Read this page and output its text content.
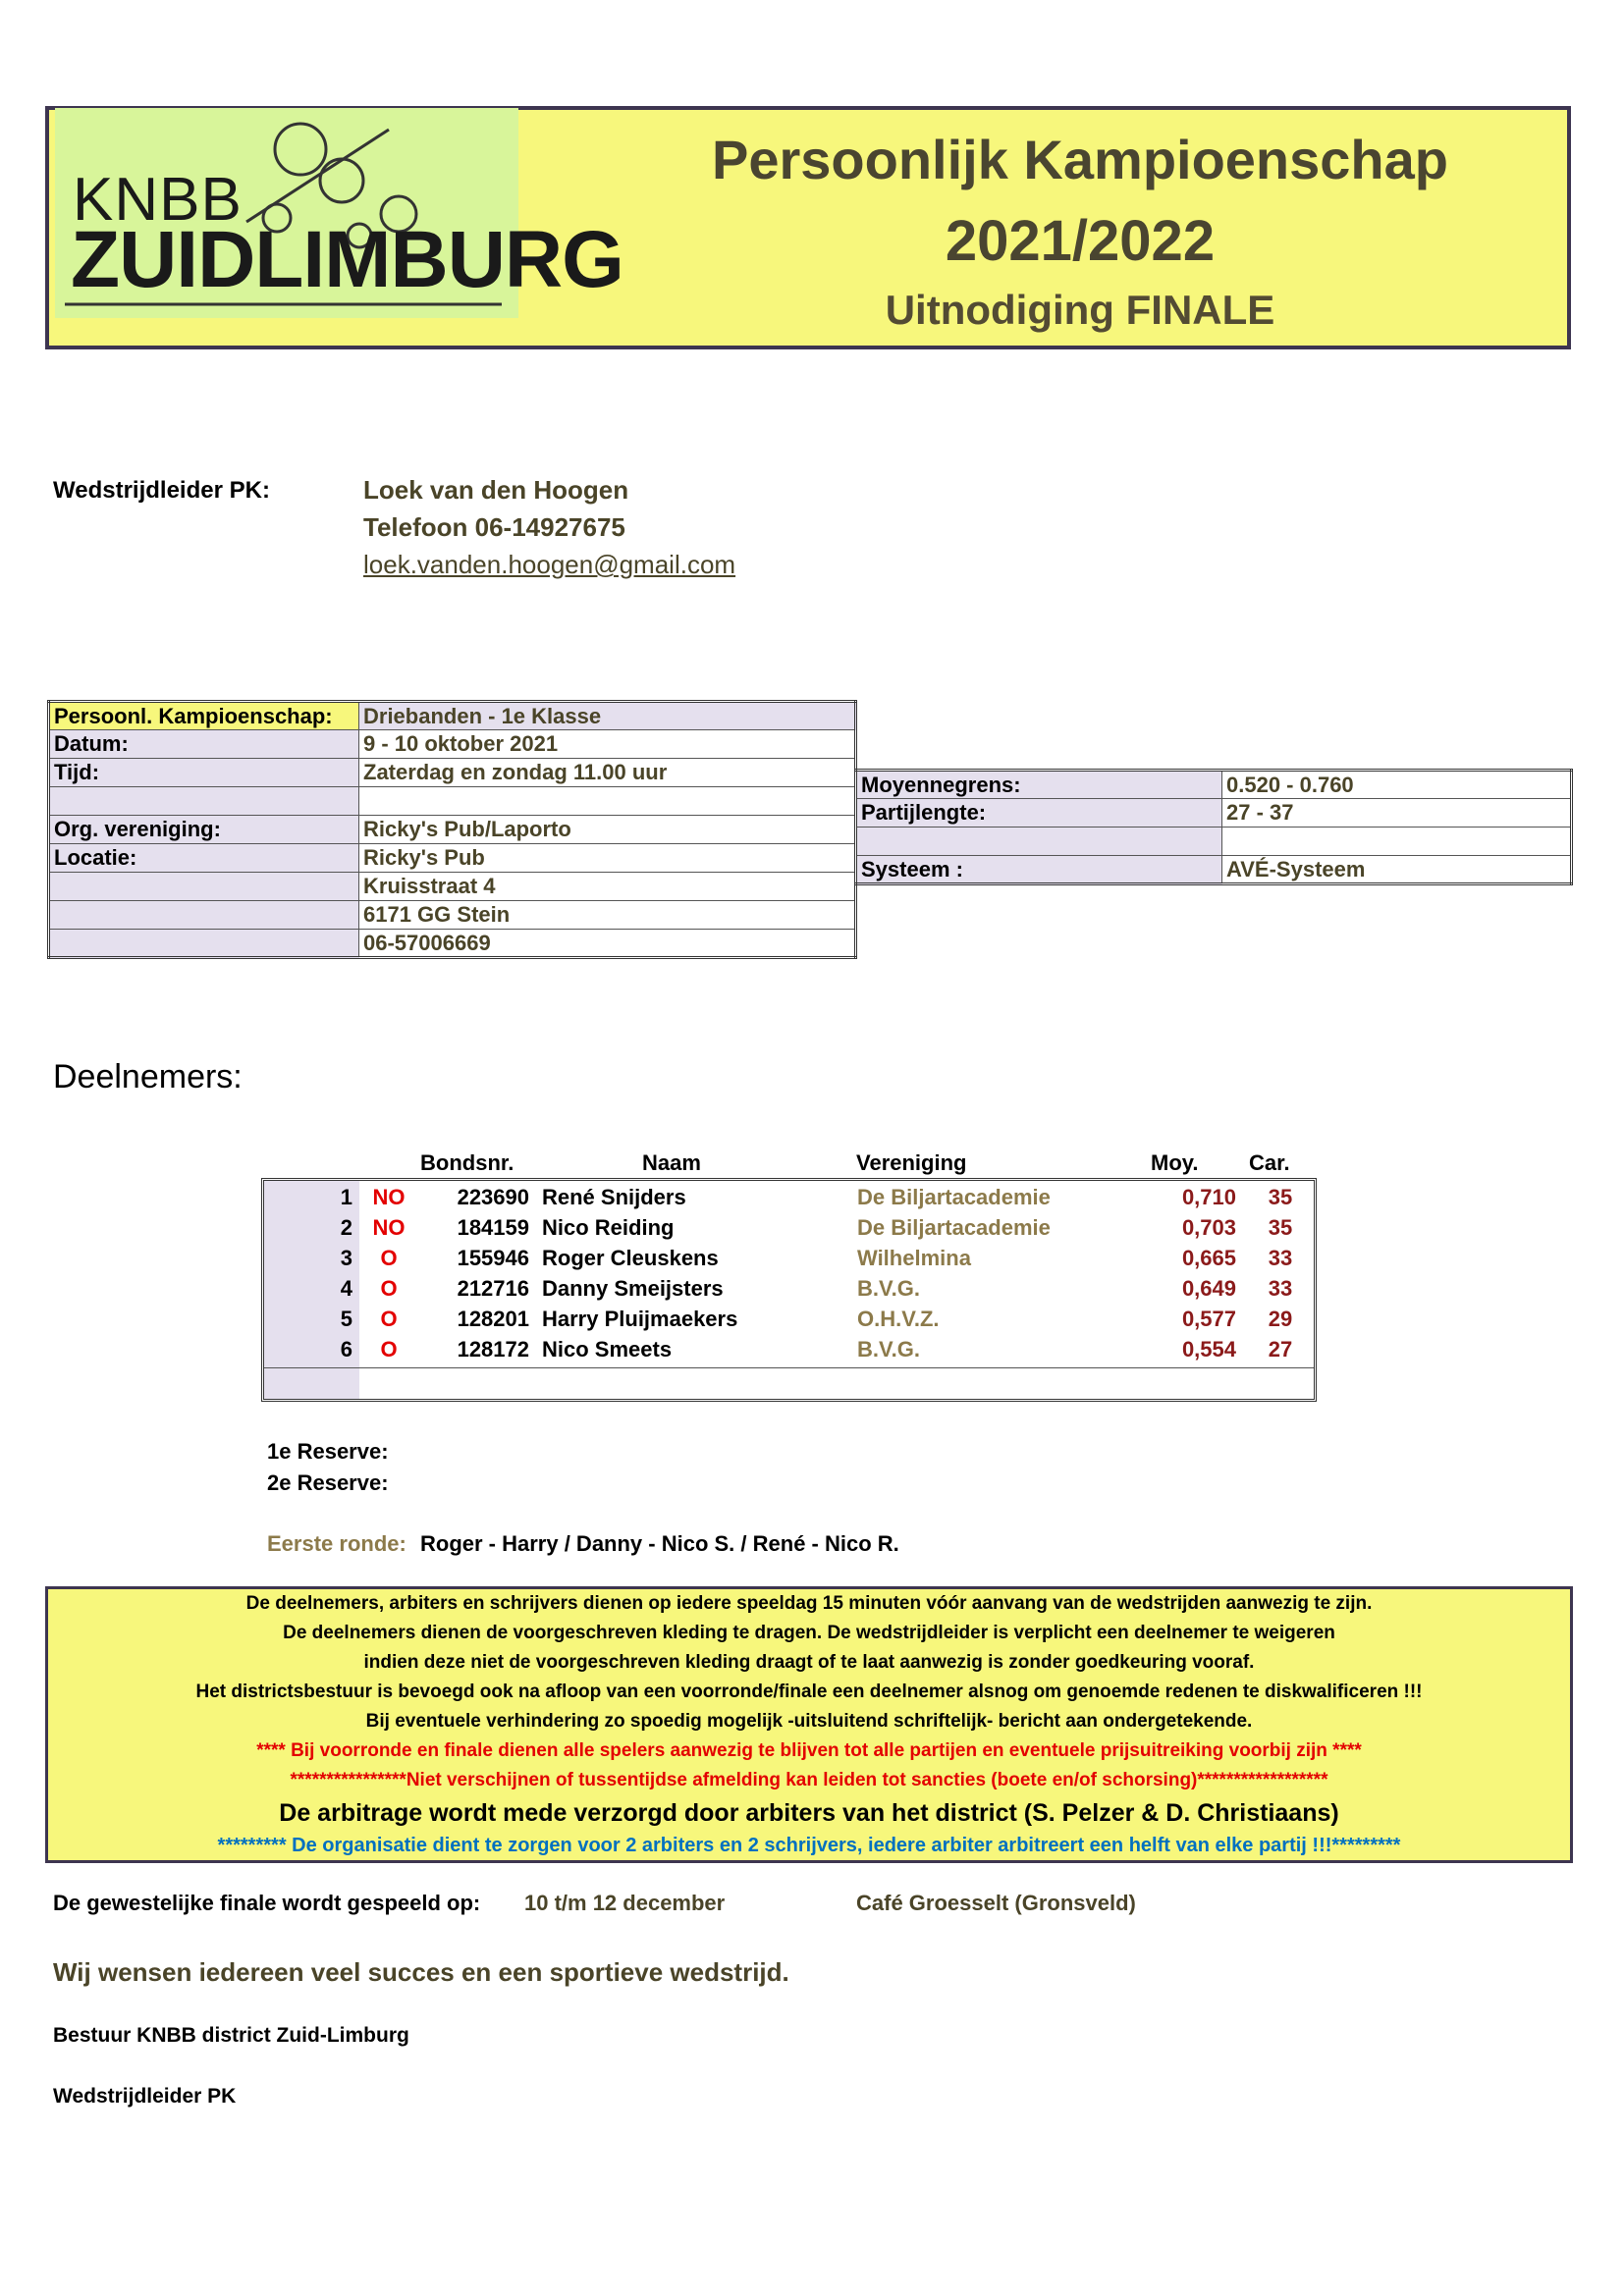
KNBB
ZUIDLIMBURG
Persoonlijk Kampioenschap
2021/2022
Uitnodiging FINALE
Wedstrijdleider PK:	Loek van den Hoogen
Telefoon 06-14927675
loek.vanden.hoogen@gmail.com
Persoonl. Kampioenschap:	Driebanden - 1e Klasse
Datum:	9 - 10 oktober 2021
Tijd:	Zaterdag en zondag 11.00 uur

Org. vereniging:	Ricky's Pub/Laporto
Locatie:	Ricky's Pub
	Kruisstraat 4
	6171 GG Stein
	06-57006669
Moyennegrens:	0.520 - 0.760
Partijlengte:	27 - 37

Systeem :	AVÉ-Systeem
Deelnemers:
Bondsnr.	Naam	Vereniging	Moy. Car.
1 NO	223690 René Snijders	De Biljartacademie	0,710	35
2 NO	184159 Nico Reiding	De Biljartacademie	0,703	35
3	O	155946 Roger Cleuskens	Wilhelmina	0,665	33
4	O	212716 Danny Smeijsters	B.V.G.	0,649	33
5	O	128201 Harry Pluijmaekers	O.H.V.Z.	0,577	29
6	O	128172 Nico Smeets	B.V.G.	0,554	27
1e Reserve:
2e Reserve:
Eerste ronde: Roger - Harry / Danny - Nico S. / René - Nico R.
De deelnemers, arbiters en schrijvers dienen op iedere speeldag 15 minuten vóór aanvang van de wedstrijden aanwezig te zijn.
De deelnemers dienen de voorgeschreven kleding te dragen. De wedstrijdleider is verplicht een deelnemer te weigeren
indien deze niet de voorgeschreven kleding draagt of te laat aanwezig is zonder goedkeuring vooraf.
Het districtsbestuur is bevoegd ook na afloop van een voorronde/finale een deelnemer alsnog om genoemde redenen te diskwalificeren !!!
Bij eventuele verhindering zo spoedig mogelijk -uitsluitend schriftelijk- bericht aan ondergetekende.
**** Bij voorronde en finale dienen alle spelers aanwezig te blijven tot alle partijen en eventuele prijsuitreiking voorbij zijn ****
****************Niet verschijnen of tussentijdse afmelding kan leiden tot sancties (boete en/of schorsing)******************
De arbitrage wordt mede verzorgd door arbiters van het district (S. Pelzer & D. Christiaans)
********* De organisatie dient te zorgen voor 2 arbiters en 2 schrijvers, iedere arbiter arbitreert een helft van elke partij !!!*********
De gewestelijke finale wordt gespeeld op: 10 t/m 12 december	Café Groesselt (Gronsveld)
Wij wensen iedereen veel succes en een sportieve wedstrijd.
Bestuur KNBB district Zuid-Limburg
Wedstrijdleider PK
